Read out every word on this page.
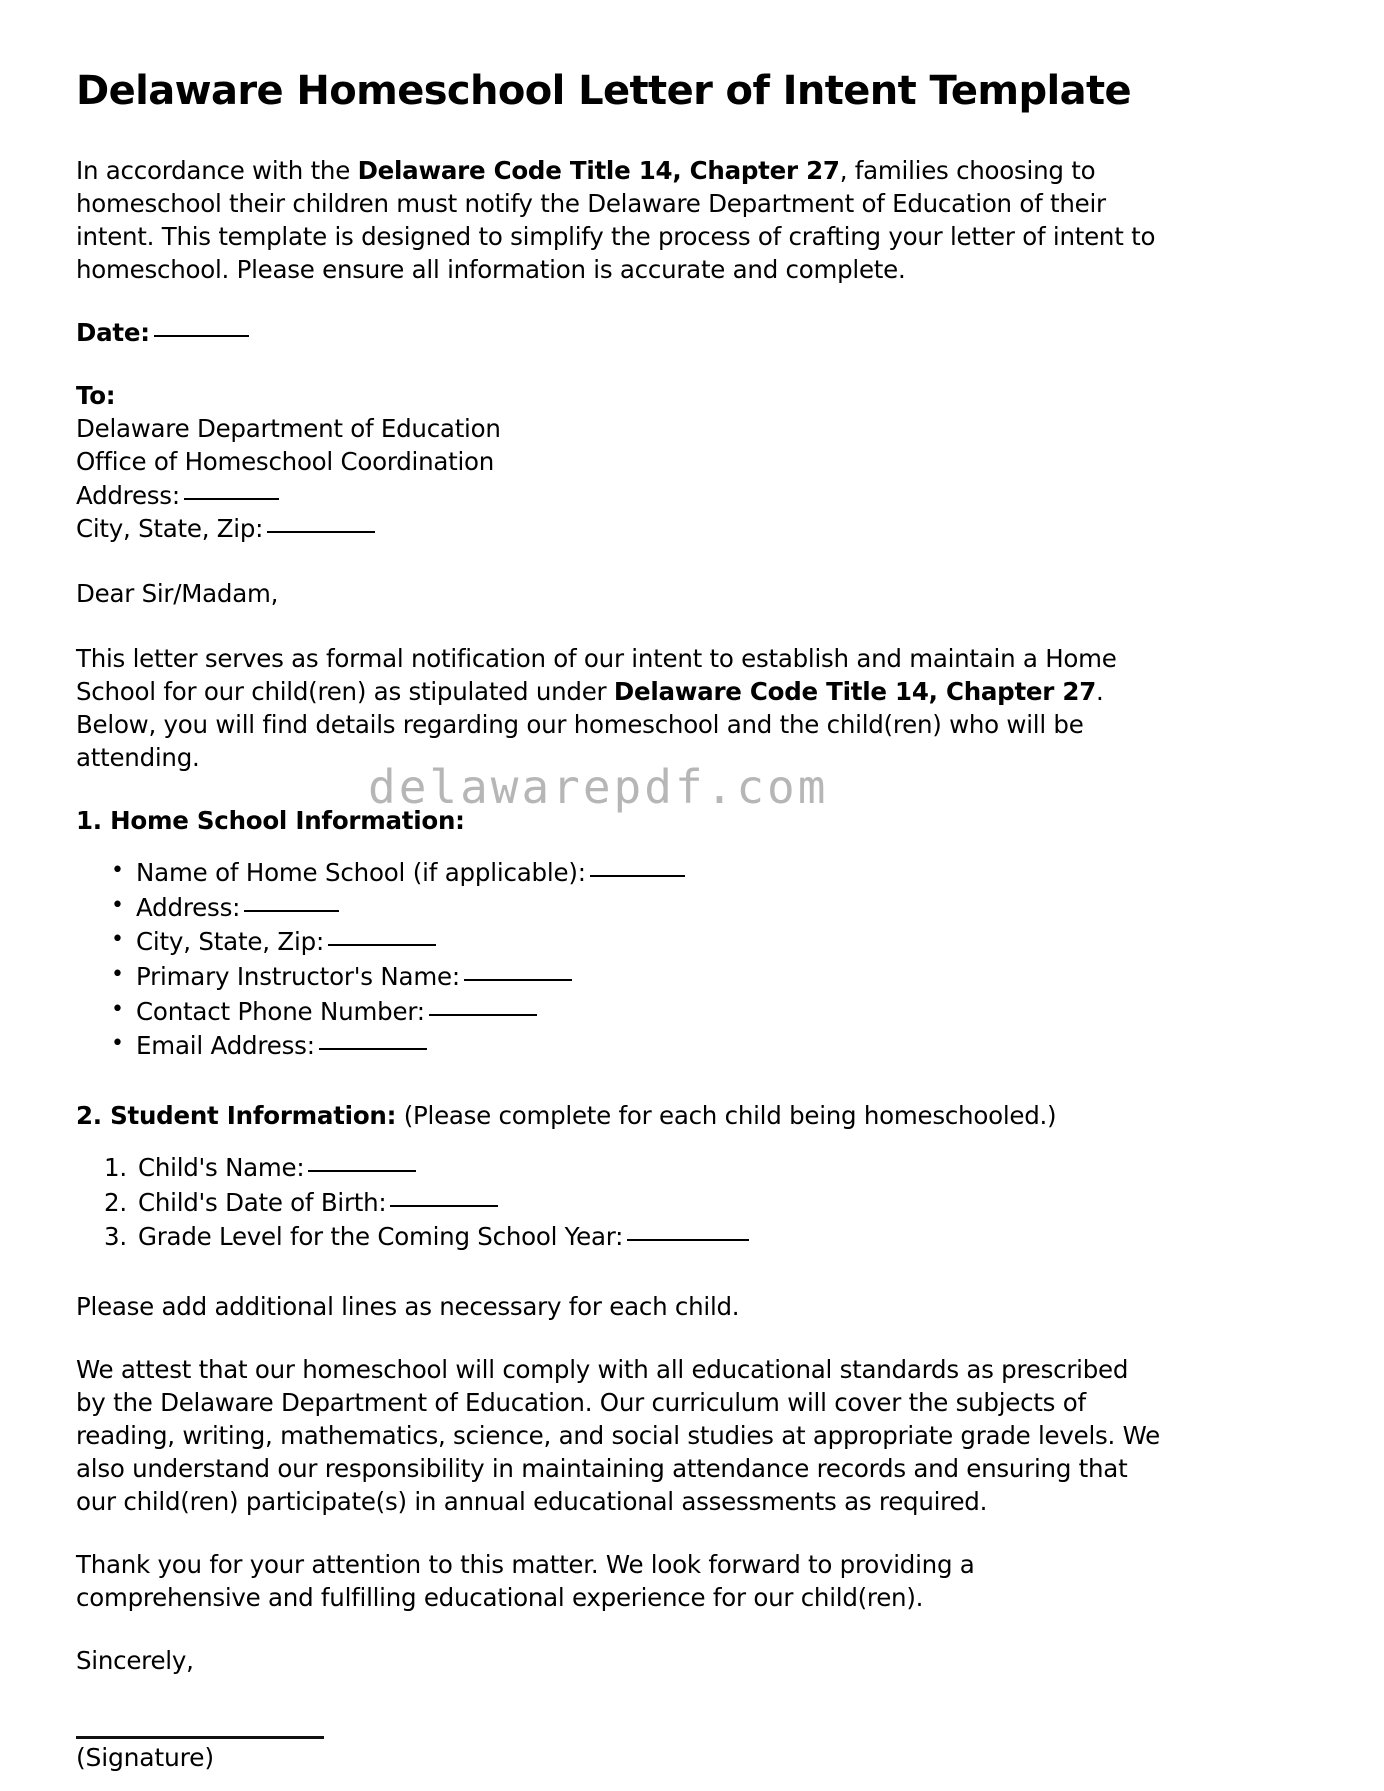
Delaware Homeschool Letter of Intent Template

In accordance with the Delaware Code Title 14, Chapter 27, families choosing to homeschool their children must notify the Delaware Department of Education of their intent. This template is designed to simplify the process of crafting your letter of intent to homeschool. Please ensure all information is accurate and complete.

Date:

To:

Delaware Department of Education

Office of Homeschool Coordination

Address:

City, State, Zip:

Dear Sir/Madam,

This letter serves as formal notification of our intent to establish and maintain a Home School for our child(ren) as stipulated under Delaware Code Title 14, Chapter 27. Below, you will find details regarding our homeschool and the child(ren) who will be attending.

1. Home School Information:

• Name of Home School (if applicable):
• Address:
• City, State, Zip:
• Primary Instructor's Name:
• Contact Phone Number:
• Email Address:

2. Student Information: (Please complete for each child being homeschooled.)

Child's Name:
Child's Date of Birth:
Grade Level for the Coming School Year:

Please add additional lines as necessary for each child.

We attest that our homeschool will comply with all educational standards as prescribed by the Delaware Department of Education. Our curriculum will cover the subjects of reading, writing, mathematics, science, and social studies at appropriate grade levels. We also understand our responsibility in maintaining attendance records and ensuring that our child(ren) participate(s) in annual educational assessments as required.

Thank you for your attention to this matter. We look forward to providing a comprehensive and fulfilling educational experience for our child(ren).

Sincerely,

(Signature)
delawarepdf.com
